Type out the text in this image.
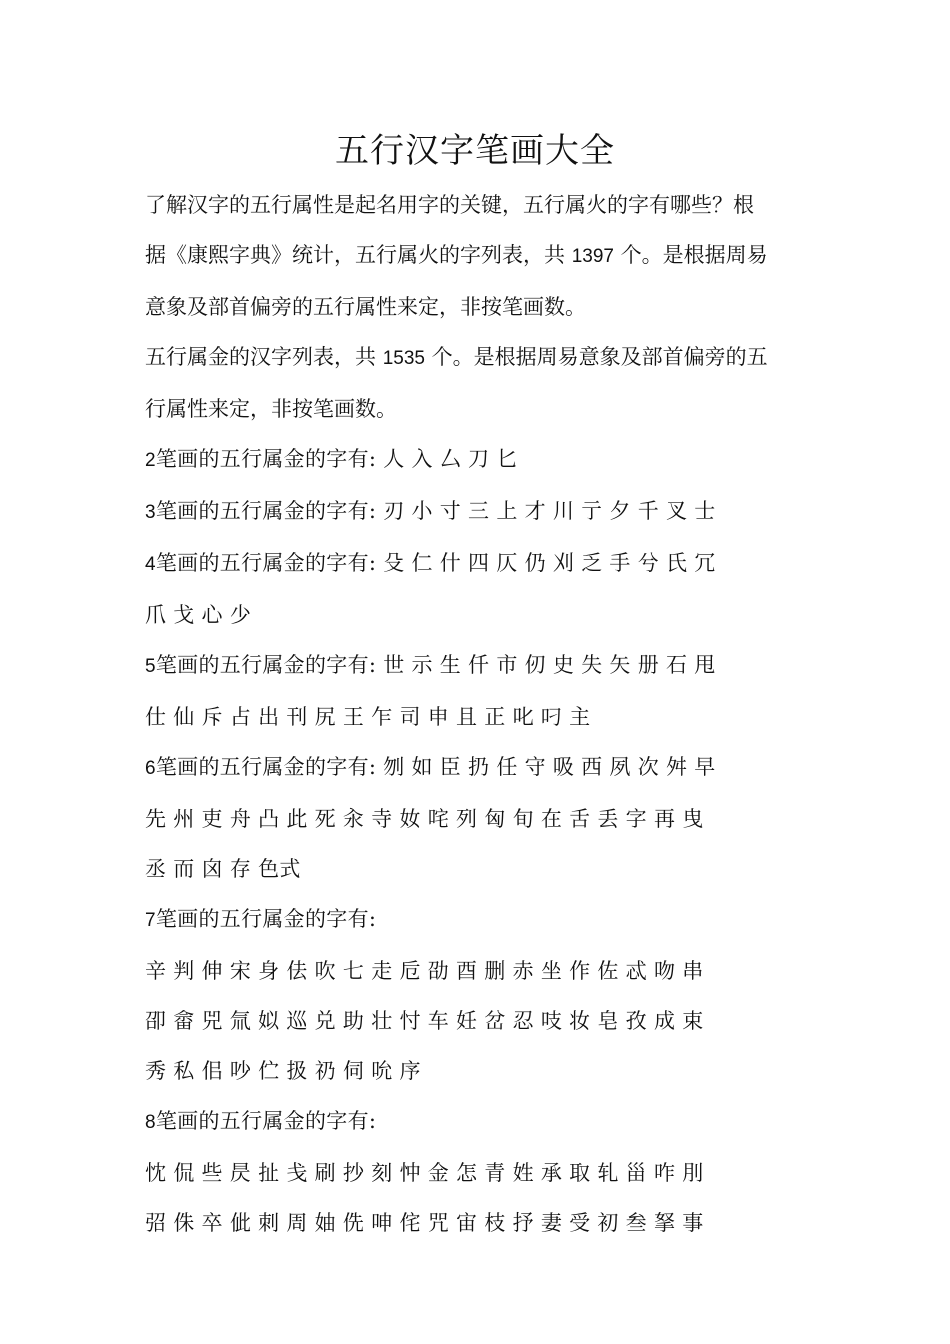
五行汉字笔画大全

了解汉字的五行属性是起名用字的关键，五行属火的字有哪些？根
据《康熙字典》统计，五行属火的字列表，共 1397 个。是根据周易
意象及部首偏旁的五行属性来定，非按笔画数。

五行属金的汉字列表，共 1535 个。是根据周易意象及部首偏旁的五
行属性来定，非按笔画数。

2笔画的五行属金的字有: 人 入 厶 刀 匕

3笔画的五行属金的字有: 刃 小 寸 三 上 才 川 亍 夕 千 叉 士

4笔画的五行属金的字有: 殳 仁 什 四 仄 仍 刈 乏 手 兮 氏 冗

爪 戈 心 少

5笔画的五行属金的字有: 世 示 生 仟 市 仞 史 失 矢 册 石 甩

仕 仙 斥 占 出 刊 尻 王 乍 司 申 且 正 叱 叼 主

6笔画的五行属金的字有: 刎 如 臣 扔 任 守 吸 西 夙 次 舛 早

先 州 吏 舟 凸 此 死 汆 寺 奻 咤 列 匈 旬 在 舌 丢 字 再 曳

丞 而 囟 存 色式

7笔画的五行属金的字有:

辛 判 伸 宋 身 佉 吹 七 走 卮 劭 酉 删 赤 坐 作 佐 忒 吻 串

卲 畲 兕 氚 姒 巡 兑 助 壮 忖 车 妊 岔 忍 吱 妆 皂 孜 成 束

秀 私 佀 吵 伫 扱 礽 伺 吮 序

8笔画的五行属金的字有:

忱 侃 些 昃 扯 戋 刷 抄 刻 忡 金 怎 青 姓 承 取 轧 甾 咋 刖

弨 侏 卒 佌 刺 周 妯 侁 呻 侘 咒 宙 枝 抒 妻 受 初 叁 拏 事
